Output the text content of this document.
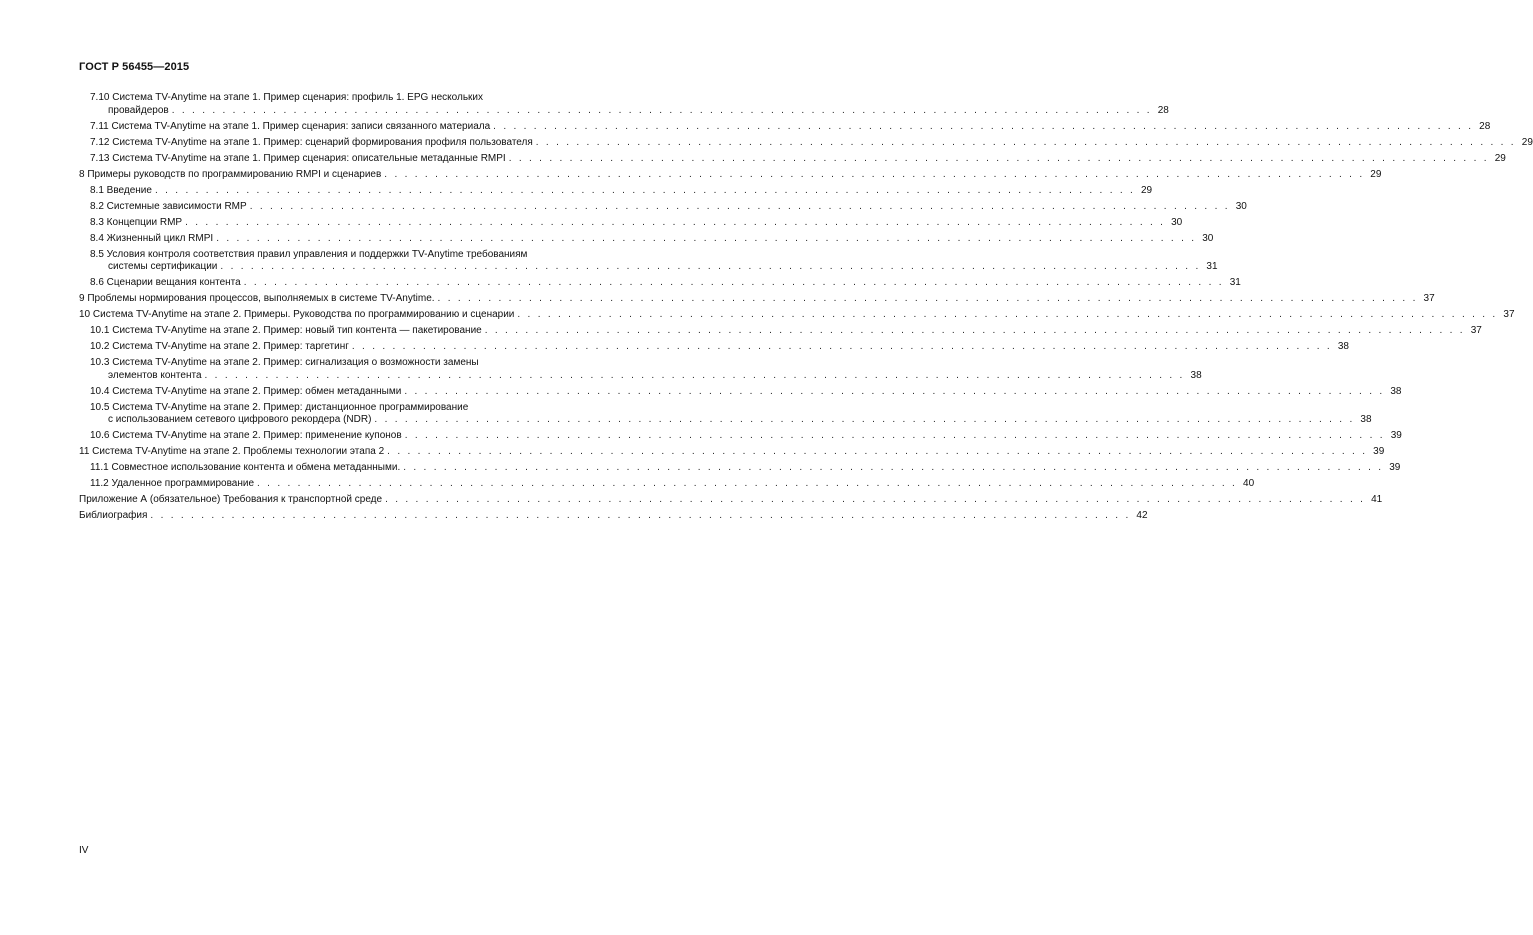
ГОСТ Р 56455—2015
7.10 Система TV-Anytime на этапе 1. Пример сценария: профиль 1. EPG нескольких
провайдеров . . .	28
7.11 Система TV-Anytime на этапе 1. Пример сценария: записи связанного материала . . .	28
7.12 Система TV-Anytime на этапе 1. Пример: сценарий формирования профиля пользователя . . .	29
7.13 Система TV-Anytime на этапе 1. Пример сценария: описательные метаданные RMPI . . .	29
8 Примеры руководств по программированию RMPI и сценариев . . .	29
8.1 Введение . . .	29
8.2 Системные зависимости RMP . . .	30
8.3 Концепции RMP . . .	30
8.4 Жизненный цикл RMPI . . .	30
8.5 Условия контроля соответствия правил управления и поддержки TV-Anytime требованиям
системы сертификации . . .	31
8.6 Сценарии вещания контента . . .	31
9 Проблемы нормирования процессов, выполняемых в системе TV-Anytime. . . .	37
10 Система TV-Anytime на этапе 2. Примеры. Руководства по программированию и сценарии . . .	37
10.1 Система TV-Anytime на этапе 2. Пример: новый тип контента — пакетирование . . .	37
10.2 Система TV-Anytime на этапе 2. Пример: таргетинг . . .	38
10.3 Система TV-Anytime на этапе 2. Пример: сигнализация о возможности замены
элементов контента . . .	38
10.4 Система TV-Anytime на этапе 2. Пример: обмен метаданными . . .	38
10.5 Система TV-Anytime на этапе 2. Пример: дистанционное программирование
с использованием сетевого цифрового рекордера (NDR) . . .	38
10.6 Система TV-Anytime на этапе 2. Пример: применение купонов . . .	39
11 Система TV-Anytime на этапе 2. Проблемы технологии этапа 2 . . .	39
11.1 Совместное использование контента и обмена метаданными. . . .	39
11.2 Удаленное программирование . . .	40
Приложение А (обязательное) Требования к транспортной среде . . .	41
Библиография . . .	42
IV
